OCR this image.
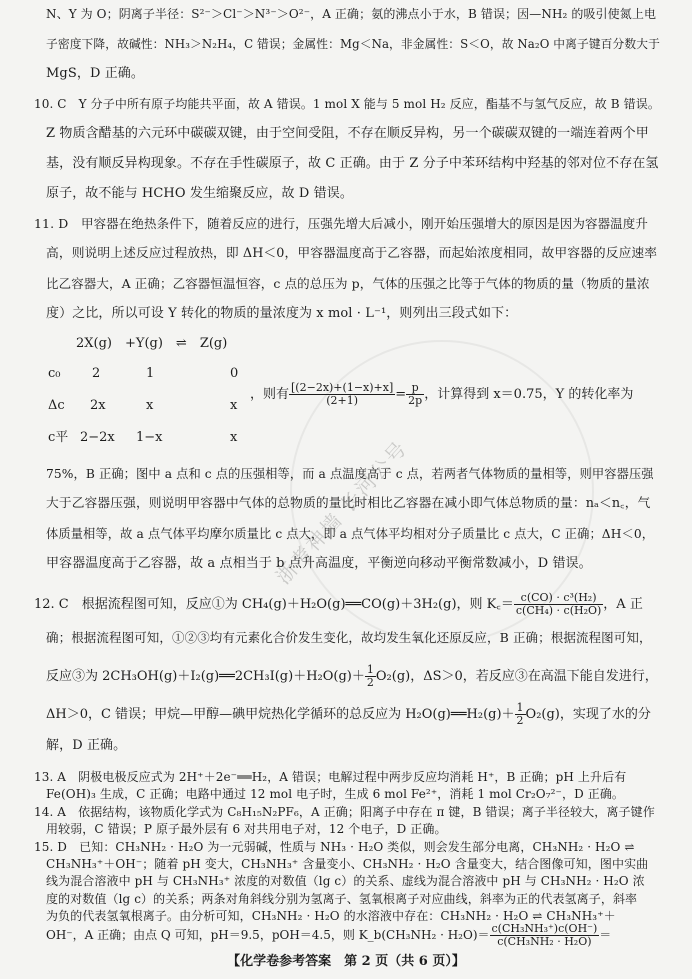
N、Y 为 O；阴离子半径：S²⁻＞Cl⁻＞N³⁻＞O²⁻，A 正确；氨的沸点小于水，B 错误；因—NH₂ 的吸引使氮上电
子密度下降，故碱性：NH₃＞N₂H₄，C 错误；金属性：Mg＜Na，非金属性：S＜O，故 Na₂O 中离子键百分数大于
MgS，D 正确。
10. C　Y 分子中所有原子均能共平面，故 A 错误。1 mol X 能与 5 mol H₂ 反应，酯基不与氢气反应，故 B 错误。
Z 物质含醋基的六元环中碳碳双键，由于空间受阻，不存在顺反异构，另一个碳碳双键的一端连着两个甲
基，没有顺反异构现象。不存在手性碳原子，故 C 正确。由于 Z 分子中苯环结构中羟基的邻对位不存在氢
原子，故不能与 HCHO 发生缩聚反应，故 D 错误。
11. D　甲容器在绝热条件下，随着反应的进行，压强先增大后减小，刚开始压强增大的原因是因为容器温度升
高，则说明上述反应过程放热，即 ΔH＜0，甲容器温度高于乙容器，而起始浓度相同，故甲容器的反应速率
比乙容器大，A 正确；乙容器恒温恒容，c 点的总压为 p，气体的压强之比等于气体的物质的量（物质的量浓
度）之比，所以可设 Y 转化的物质的量浓度为 x mol · L⁻¹，则列出三段式如下：
2X(g)　+Y(g)　⇌　Z(g)
c₀ 2	1	0
Δc 2x	x	x
c平 2−2x 1−x	x
，则有 $\frac{[(2-2x)+(1-x)+x]}{(2+1)} = \frac{p}{2p}$ ，计算得到 x＝0.75，Y 的转化率为
75%，B 正确；图中 a 点和 c 点的压强相等，而 a 点温度高于 c 点，若两者气体物质的量相等，则甲容器压强
大于乙容器压强，则说明甲容器中气体的总物质的量比时相比乙容器在减小即气体总物质的量：nₐ＜n꜀，气
体质量相等，故 a 点气体平均摩尔质量比 c 点大，即 a 点气体平均相对分子质量比 c 点大，C 正确；ΔH＜0，
甲容器温度高于乙容器，故 a 点相当于 b 点升高温度，平衡逆向移动平衡常数减小，D 错误。
12. C　根据流程图可知，反应①为 CH₄(g)＋H₂O(g)══CO(g)＋3H₂(g)，则 K꜀＝ $\frac{\text{c(CO) · c³(H₂)}}{\text{c(CH₄) · c(H₂O)}}$ ，A 正
确；根据流程图可知，①②③均有元素化合价发生变化，故均发生氧化还原反应，B 正确；根据流程图可知，
反应③为 2CH₃OH(g)＋I₂(g)══2CH₃I(g)＋H₂O(g)＋ $\frac{1}{2} O_2(g)$，ΔS＞0，若反应③在高温下能自发进行，
ΔH＞0，C 错误；甲烷—甲醇—碘甲烷热化学循环的总反应为 H₂O(g)══H₂(g)＋ $\frac{1}{2} O_2(g)$，实现了水的分
解，D 正确。
13. A　阴极电极反应式为 2H⁺＋2e⁻══H₂，A 错误；电解过程中两步反应均消耗 H⁺，B 正确；pH 上升后有
Fe(OH)₃ 生成，C 正确；电路中通过 12 mol 电子时，生成 6 mol Fe²⁺，消耗 1 mol Cr₂O₇²⁻，D 正确。
14. A　依据结构，该物质化学式为 C₈H₁₅N₂PF₆，A 正确；阳离子中存在 π 键，B 错误；离子半径较大，离子键作
用较弱，C 错误；P 原子最外层有 6 对共用电子对，12 个电子，D 正确。
15. D　已知：CH₃NH₂ · H₂O 为一元弱碱，性质与 NH₃ · H₂O 类似，则会发生部分电离，CH₃NH₂ · H₂O ⇌
CH₃NH₃⁺＋OH⁻；随着 pH 变大，CH₃NH₃⁺ 含量变小、CH₃NH₂ · H₂O 含量变大，结合图像可知，图中实曲
线为混合溶液中 pH 与 CH₃NH₃⁺ 浓度的对数值（lg c）的关系、虚线为混合溶液中 pH 与 CH₃NH₂ · H₂O 浓
度的对数值（lg c）的关系；两条对角斜线分别为氢离子、氢氧根离子对应曲线，斜率为正的代表氢离子，斜率
浙考神墙 长河公号
【化学卷参考答案　第 2 页（共 6 页）】
为负的代表氢氧根离子。由分析可知，CH₃NH₂ · H₂O 的水溶液中存在：CH₃NH₂ · H₂O ⇌ CH₃NH₃⁺＋
OH⁻，A 正确；由点 Q 可知，pH＝9.5，pOH＝4.5，则 K_b(CH₃NH₂ · $H_2O)= \frac{\text{c(CH₃NH₃⁺)c(OH⁻)}}{\text{c(CH₃NH₂ · H₂O)}}$ ＝
